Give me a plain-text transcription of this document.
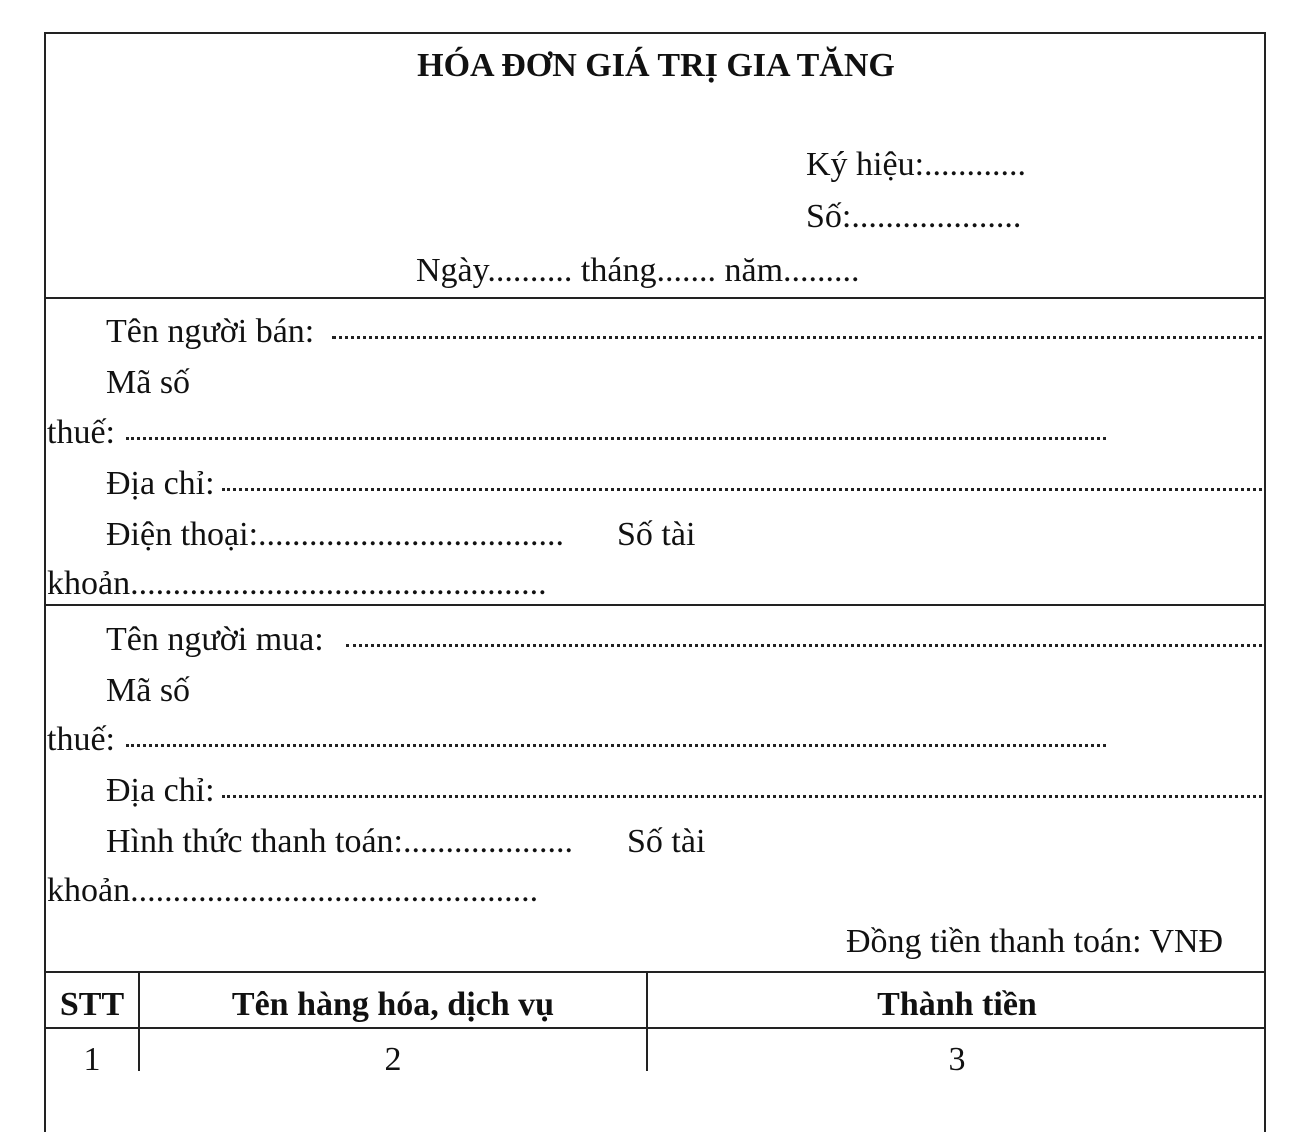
HÓA ĐƠN GIÁ TRỊ GIA TĂNG
Ký hiệu:............
Số:....................
Ngày.......... tháng....... năm.........
Tên người bán:
Mã số
thuế:
Địa chỉ:
Điện thoại:.................................... Số tài
khoản.................................................
Tên người mua:
Mã số
thuế:
Địa chỉ:
Hình thức thanh toán:.................... Số tài
khoản................................................
Đồng tiền thanh toán: VNĐ
STT	Tên hàng hóa, dịch vụ	Thành tiền
1	2	3
